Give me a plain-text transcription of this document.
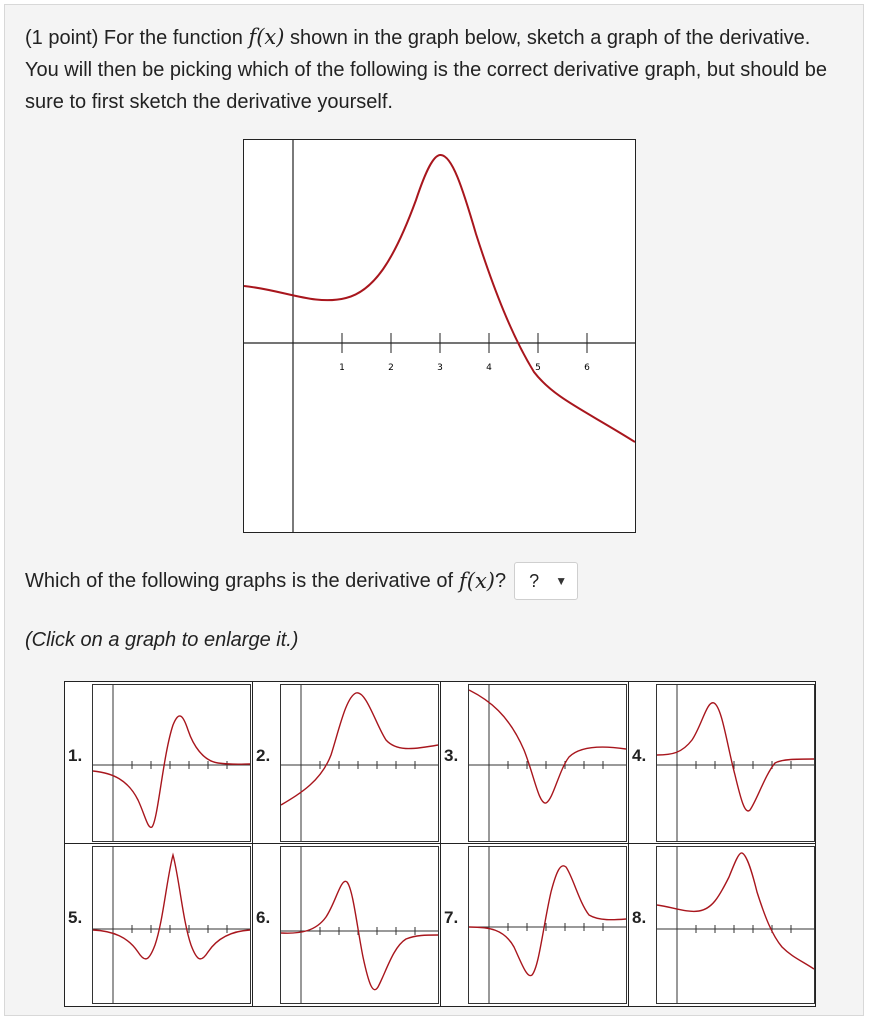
(1 point) For the function f(x) shown in the graph below, sketch a graph of the derivative. You will then be picking which of the following is the correct derivative graph, but should be sure to first sketch the derivative yourself.

1	2	3	4	5	6
Which of the following graphs is the derivative of f(x) ? ? ▼
(Click on a graph to enlarge it.)
1.	2.	3.	4.
5.	6.	7.	8.
